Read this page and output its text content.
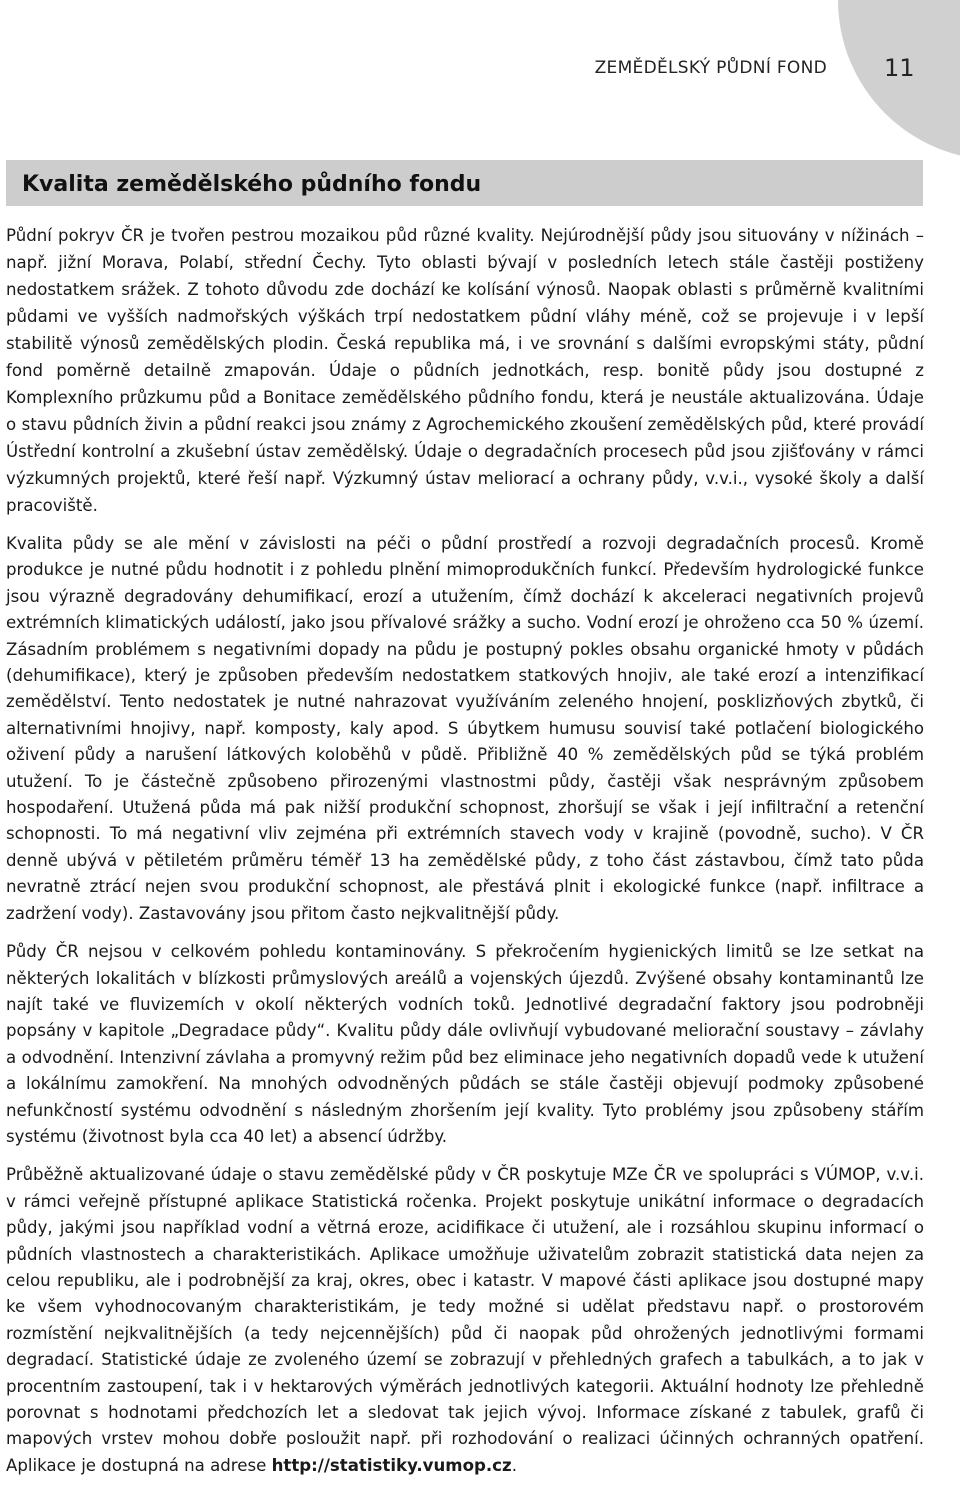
ZEMĚDĚLSKÝ PŮDNÍ FOND 11
Kvalita zemědělského půdního fondu

Půdní pokryv ČR je tvořen pestrou mozaikou půd různé kvality. Nejúrodnější půdy jsou situovány v nížinách – např. jižní Morava, Polabí, střední Čechy. Tyto oblasti bývají v posledních letech stále častěji postiženy nedostatkem srážek. Z tohoto důvodu zde dochází ke kolísání výnosů. Naopak oblasti s průměrně kvalitními půdami ve vyšších nadmořských výškách trpí nedostatkem půdní vláhy méně, což se projevuje i v lepší stabilitě výnosů zemědělských plodin. Česká republika má, i ve srovnání s dalšími evropskými státy, půdní fond poměrně detailně zmapován. Údaje o půdních jednotkách, resp. bonitě půdy jsou dostupné z Komplexního průzkumu půd a Bonitace zemědělského půdního fondu, která je neustále aktualizována. Údaje o stavu půdních živin a půdní reakci jsou známy z Agrochemického zkoušení zemědělských půd, které provádí Ústřední kontrolní a zkušební ústav zemědělský. Údaje o degradačních procesech půd jsou zjišťovány v rámci výzkumných projektů, které řeší např. Výzkumný ústav meliorací a ochrany půdy, v.v.i., vysoké školy a další pracoviště.

Kvalita půdy se ale mění v závislosti na péči o půdní prostředí a rozvoji degradačních procesů. Kromě produkce je nutné půdu hodnotit i z pohledu plnění mimoprodukčních funkcí. Především hydrologické funkce jsou výrazně degradovány dehumifikací, erozí a utužením, čímž dochází k akceleraci negativních projevů extrémních klimatických událostí, jako jsou přívalové srážky a sucho. Vodní erozí je ohroženo cca 50 % území. Zásadním problémem s negativními dopady na půdu je postupný pokles obsahu organické hmoty v půdách (dehumifikace), který je způsoben především nedostatkem statkových hnojiv, ale také erozí a intenzifikací zemědělství. Tento nedostatek je nutné nahrazovat využíváním zeleného hnojení, posklizňových zbytků, či alternativními hnojivy, např. komposty, kaly apod. S úbytkem humusu souvisí také potlačení biologického oživení půdy a narušení látkových koloběhů v půdě. Přibližně 40 % zemědělských půd se týká problém utužení. To je částečně způsobeno přirozenými vlastnostmi půdy, častěji však nesprávným způsobem hospodaření. Utužená půda má pak nižší produkční schopnost, zhoršují se však i její infiltrační a retenční schopnosti. To má negativní vliv zejména při extrémních stavech vody v krajině (povodně, sucho). V ČR denně ubývá v pětiletém průměru téměř 13 ha zemědělské půdy, z toho část zástavbou, čímž tato půda nevratně ztrácí nejen svou produkční schopnost, ale přestává plnit i ekologické funkce (např. infiltrace a zadržení vody). Zastavovány jsou přitom často nejkvalitnější půdy.

Půdy ČR nejsou v celkovém pohledu kontaminovány. S překročením hygienických limitů se lze setkat na některých lokalitách v blízkosti průmyslových areálů a vojenských újezdů. Zvýšené obsahy kontaminantů lze najít také ve fluvizemích v okolí některých vodních toků. Jednotlivé degradační faktory jsou podrobněji popsány v kapitole „Degradace půdy“. Kvalitu půdy dále ovlivňují vybudované meliorační soustavy – závlahy a odvodnění. Intenzivní závlaha a promyvný režim půd bez eliminace jeho negativních dopadů vede k utužení a lokálnímu zamokření. Na mnohých odvodněných půdách se stále častěji objevují podmoky způsobené nefunkčností systému odvodnění s následným zhoršením její kvality. Tyto problémy jsou způsobeny stářím systému (životnost byla cca 40 let) a absencí údržby.

Průběžně aktualizované údaje o stavu zemědělské půdy v ČR poskytuje MZe ČR ve spolupráci s VÚMOP, v.v.i. v rámci veřejně přístupné aplikace Statistická ročenka. Projekt poskytuje unikátní informace o degradacích půdy, jakými jsou například vodní a větrná eroze, acidifikace či utužení, ale i rozsáhlou skupinu informací o půdních vlastnostech a charakteristikách. Aplikace umožňuje uživatelům zobrazit statistická data nejen za celou republiku, ale i podrobnější za kraj, okres, obec i katastr. V mapové části aplikace jsou dostupné mapy ke všem vyhodnocovaným charakteristikám, je tedy možné si udělat představu např. o prostorovém rozmístění nejkvalitnějších (a tedy nejcennějších) půd či naopak půd ohrožených jednotlivými formami degradací. Statistické údaje ze zvoleného území se zobrazují v přehledných grafech a tabulkách, a to jak v procentním zastoupení, tak i v hektarových výměrách jednotlivých kategorii. Aktuální hodnoty lze přehledně porovnat s hodnotami předchozích let a sledovat tak jejich vývoj. Informace získané z tabulek, grafů či mapových vrstev mohou dobře posloužit např. při rozhodování o realizaci účinných ochranných opatření. Aplikace je dostupná na adrese http://statistiky.vumop.cz.
